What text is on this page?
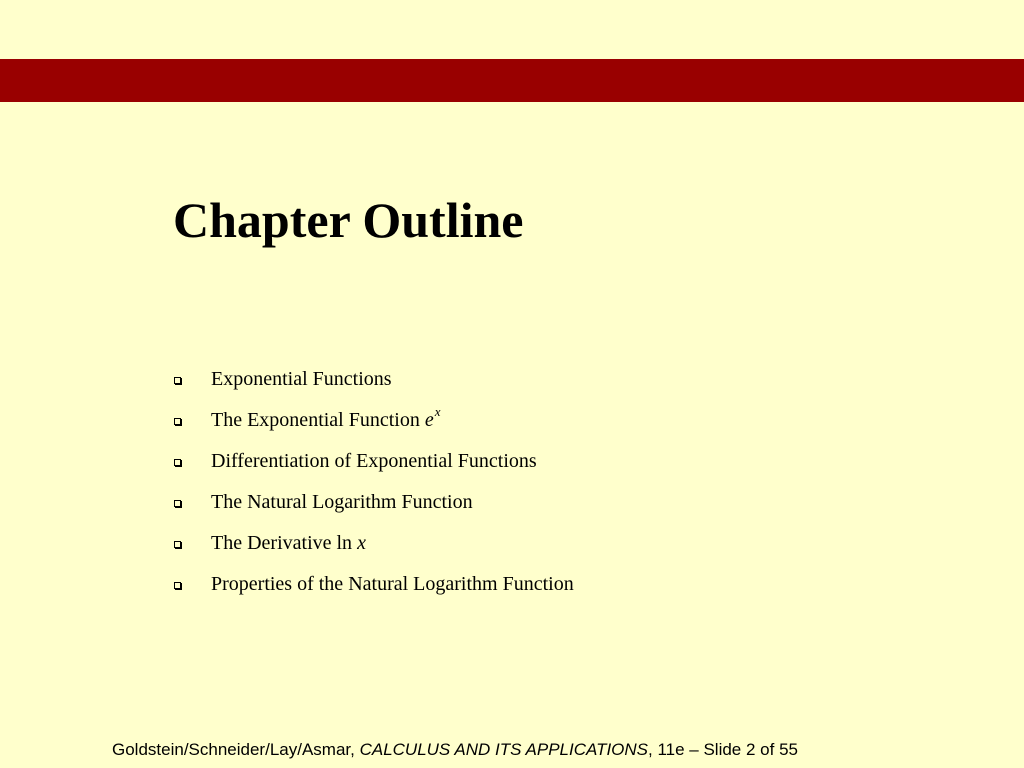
Chapter Outline
Exponential Functions
The Exponential Function $e^x$
Differentiation of Exponential Functions
The Natural Logarithm Function
The Derivative ln x
Properties of the Natural Logarithm Function
Goldstein/Schneider/Lay/Asmar, CALCULUS AND ITS APPLICATIONS, 11e – Slide 2 of 55
